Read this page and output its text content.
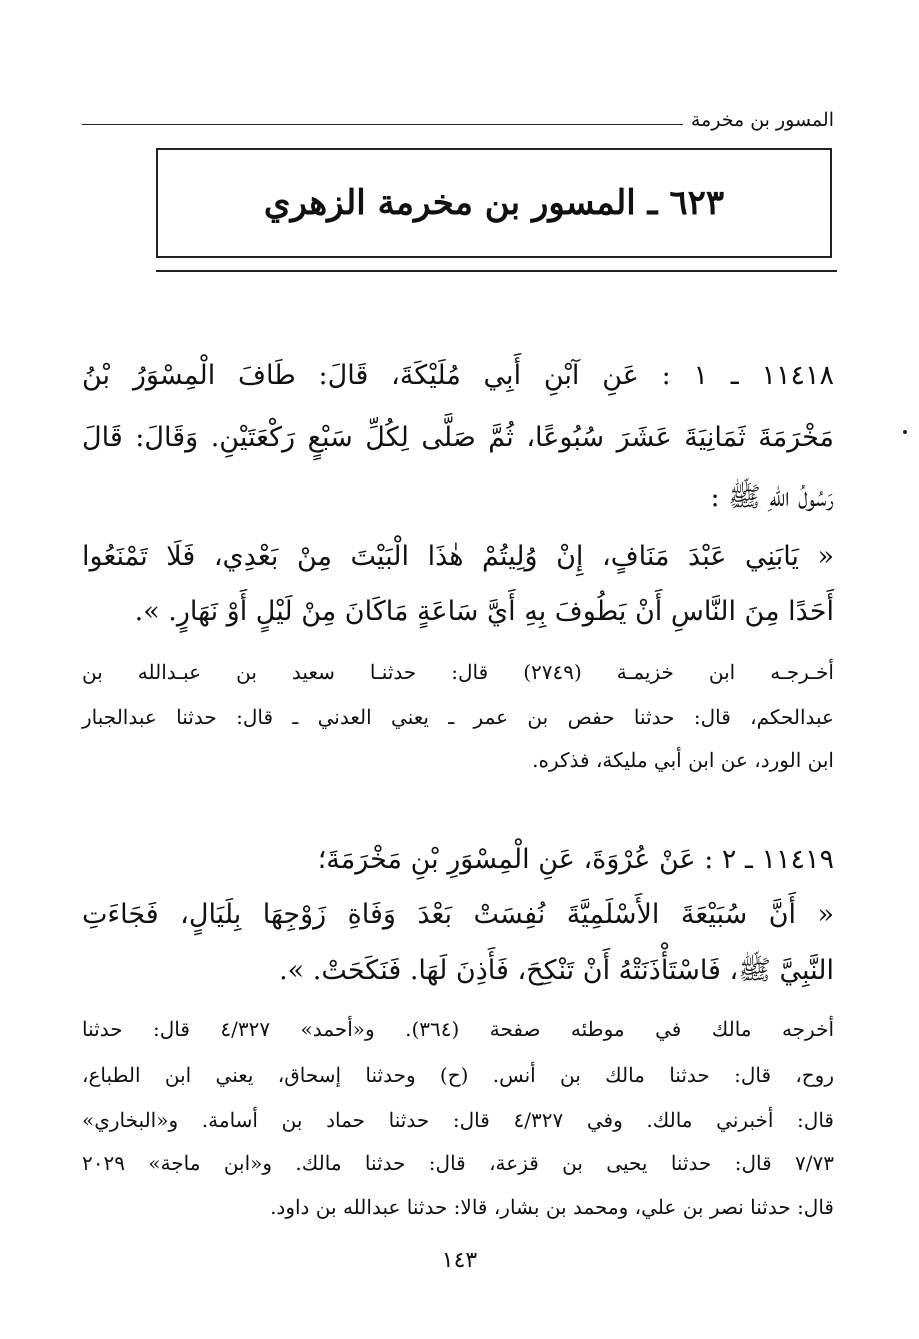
المسور بن مخرمة
٦٢٣ ـ المسور بن مخرمة الزهري
١١٤١٨ ـ ١ : عَنِ آبْنِ أَبِي مُلَيْكَةَ، قَالَ: طَافَ الْمِسْوَرُ بْنُ
مَخْرَمَةَ ثَمَانِيَةَ عَشَرَ سُبُوعًا، ثُمَّ صَلَّى لِكُلِّ سَبْعٍ رَكْعَتَيْنِ. وَقَالَ: قَالَ
رَسُولُ اللهِ ﷺ :
« يَابَنِي عَبْدَ مَنَافٍ، إِنْ وُلِيتُمْ هٰذَا الْبَيْتَ مِنْ بَعْدِي، فَلَا تَمْنَعُوا
أَحَدًا مِنَ النَّاسِ أَنْ يَطُوفَ بِهِ أَيَّ سَاعَةٍ مَاكَانَ مِنْ لَيْلٍ أَوْ نَهَارٍ. ».
أخـرجـه ابن خزيمـة (٢٧٤٩) قال: حدثنـا سعيد بن عبـدالله بن
عبدالحكم، قال: حدثنا حفص بن عمر ـ يعني العدني ـ قال: حدثنا عبدالجبار
ابن الورد، عن ابن أبي مليكة، فذكره.
١١٤١٩ ـ ٢ : عَنْ عُرْوَةَ، عَنِ الْمِسْوَرِ بْنِ مَخْرَمَةَ؛
« أَنَّ سُبَيْعَةَ الأَسْلَمِيَّةَ نُفِسَتْ بَعْدَ وَفَاةِ زَوْجِهَا بِلَيَالٍ، فَجَاءَتِ
النَّبِيَّ ﷺ، فَاسْتَأْذَنَتْهُ أَنْ تَنْكِحَ، فَأَذِنَ لَهَا. فَنَكَحَتْ. ».
أخرجه مالك في موطئه صفحة (٣٦٤). و«أحمد» ٤/٣٢٧ قال: حدثنا
روح، قال: حدثنا مالك بن أنس. (ح) وحدثنا إسحاق، يعني ابن الطباع،
قال: أخبرني مالك. وفي ٤/٣٢٧ قال: حدثنا حماد بن أسامة. و«البخاري»
٧/٧٣ قال: حدثنا يحيى بن قزعة، قال: حدثنا مالك. و«ابن ماجة» ٢٠٢٩
قال: حدثنا نصر بن علي، ومحمد بن بشار، قالا: حدثنا عبدالله بن داود.
١٤٣
